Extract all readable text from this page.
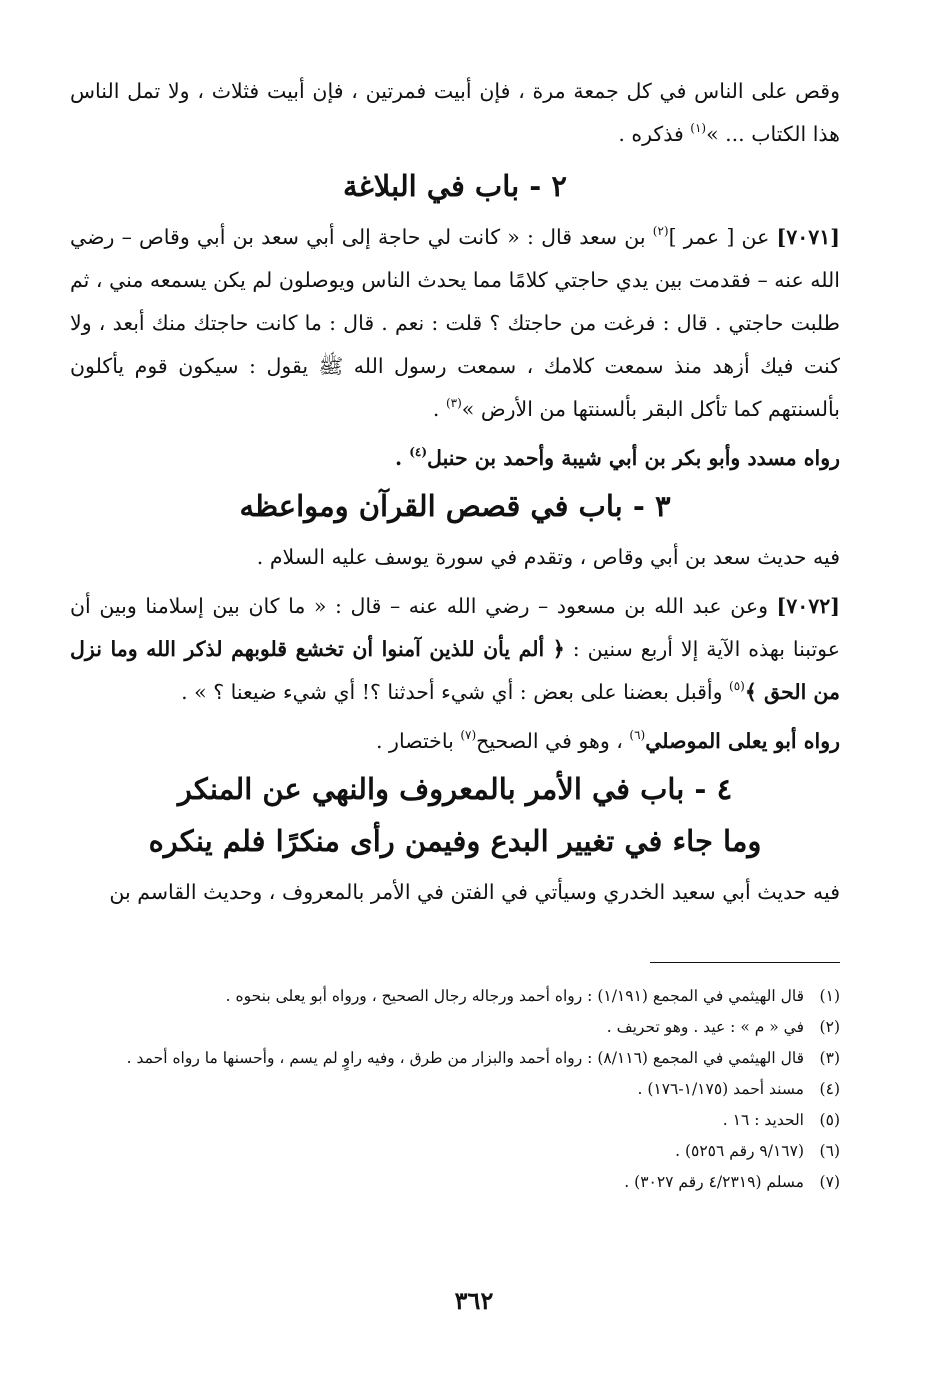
وقص على الناس في كل جمعة مرة ، فإن أبيت فمرتين ، فإن أبيت فثلاث ، ولا تمل الناس هذا الكتاب ... »$^{(١)}$ فذكره .

٢ - باب في البلاغة

[٧٠٧١] عن [ عمر ]$^{(٢)}$ بن سعد قال : « كانت لي حاجة إلى أبي سعد بن أبي وقاص – رضي الله عنه – فقدمت بين يدي حاجتي كلامًا مما يحدث الناس ويوصلون لم يكن يسمعه مني ، ثم طلبت حاجتي . قال : فرغت من حاجتك ؟ قلت : نعم . قال : ما كانت حاجتك منك أبعد ، ولا كنت فيك أزهد منذ سمعت كلامك ، سمعت رسول الله ﷺ يقول : سيكون قوم يأكلون بألسنتهم كما تأكل البقر بألسنتها من الأرض »$^{(٣)}$ .

رواه مسدد وأبو بكر بن أبي شيبة وأحمد بن حنبل$^{(٤)}$ .

٣ - باب في قصص القرآن ومواعظه

فيه حديث سعد بن أبي وقاص ، وتقدم في سورة يوسف عليه السلام .

[٧٠٧٢] وعن عبد الله بن مسعود – رضي الله عنه – قال : « ما كان بين إسلامنا وبين أن عوتبنا بهذه الآية إلا أربع سنين : ﴿ ألم يأن للذين آمنوا أن تخشع قلوبهم لذكر الله وما نزل من الحق ﴾$^{(٥)}$ وأقبل بعضنا على بعض : أي شيء أحدثنا ؟! أي شيء ضيعنا ؟ » .

رواه أبو يعلى الموصلي$^{(٦)}$ ، وهو في الصحيح$^{(٧)}$ باختصار .

٤ - باب في الأمر بالمعروف والنهي عن المنكر
وما جاء في تغيير البدع وفيمن رأى منكرًا فلم ينكره

فيه حديث أبي سعيد الخدري وسيأتي في الفتن في الأمر بالمعروف ، وحديث القاسم بن

(١)
قال الهيثمي في المجمع (١/١٩١) : رواه أحمد ورجاله رجال الصحيح ، ورواه أبو يعلى بنحوه .
(٢)
في « م » : عيد . وهو تحريف .
(٣)
قال الهيثمي في المجمع (٨/١١٦) : رواه أحمد والبزار من طرق ، وفيه راوٍ لم يسم ، وأحسنها ما رواه أحمد .
(٤)
مسند أحمد (١/١٧٥-١٧٦) .
(٥)
الحديد : ١٦ .
(٦)
(٩/١٦٧ رقم ٥٢٥٦) .
(٧)
مسلم (٤/٢٣١٩ رقم ٣٠٢٧) .
٣٦٢
